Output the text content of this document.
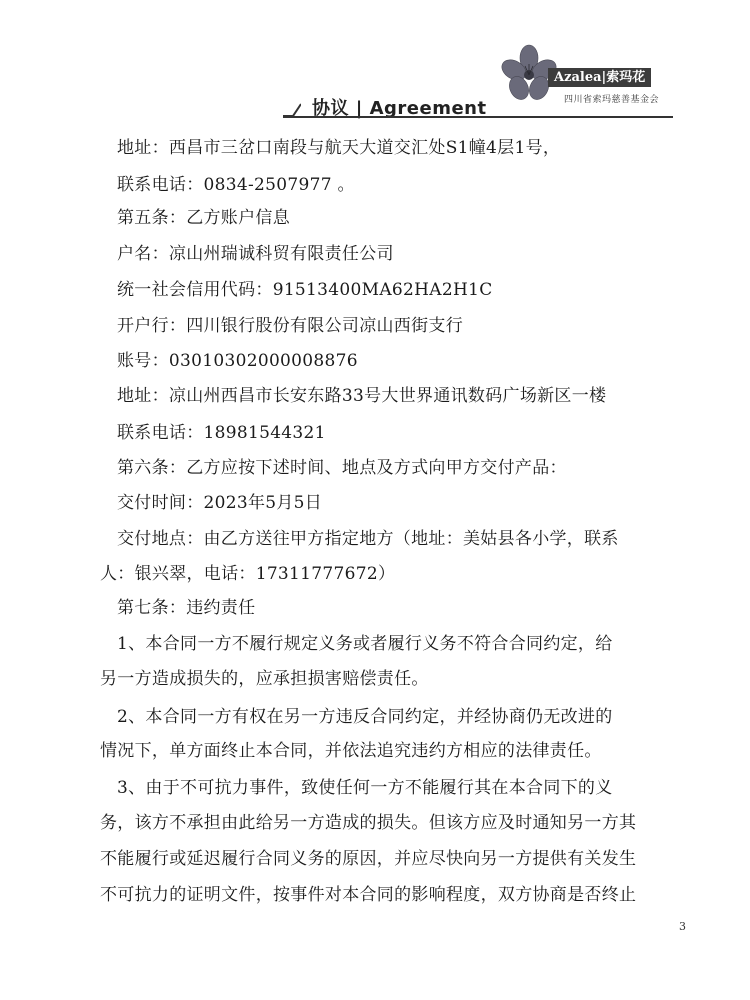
Azalea|索玛花
四川省索玛慈善基金会
协议 | Agreement
地址：西昌市三岔口南段与航天大道交汇处S1幢4层1号，
联系电话：0834-2507977 。
第五条：乙方账户信息
户名：凉山州瑞诚科贸有限责任公司
统一社会信用代码：91513400MA62HA2H1C
开户行：四川银行股份有限公司凉山西街支行
账号：03010302000008876
地址：凉山州西昌市长安东路33号大世界通讯数码广场新区一楼
联系电话：18981544321
第六条：乙方应按下述时间、地点及方式向甲方交付产品：
交付时间：2023年5月5日
交付地点：由乙方送往甲方指定地方（地址：美姑县各小学，联系
人：银兴翠，电话：17311777672）
第七条：违约责任
1、本合同一方不履行规定义务或者履行义务不符合合同约定，给
另一方造成损失的，应承担损害赔偿责任。
2、本合同一方有权在另一方违反合同约定，并经协商仍无改进的
情况下，单方面终止本合同，并依法追究违约方相应的法律责任。
3、由于不可抗力事件，致使任何一方不能履行其在本合同下的义
务，该方不承担由此给另一方造成的损失。但该方应及时通知另一方其
不能履行或延迟履行合同义务的原因，并应尽快向另一方提供有关发生
不可抗力的证明文件，按事件对本合同的影响程度，双方协商是否终止
3
